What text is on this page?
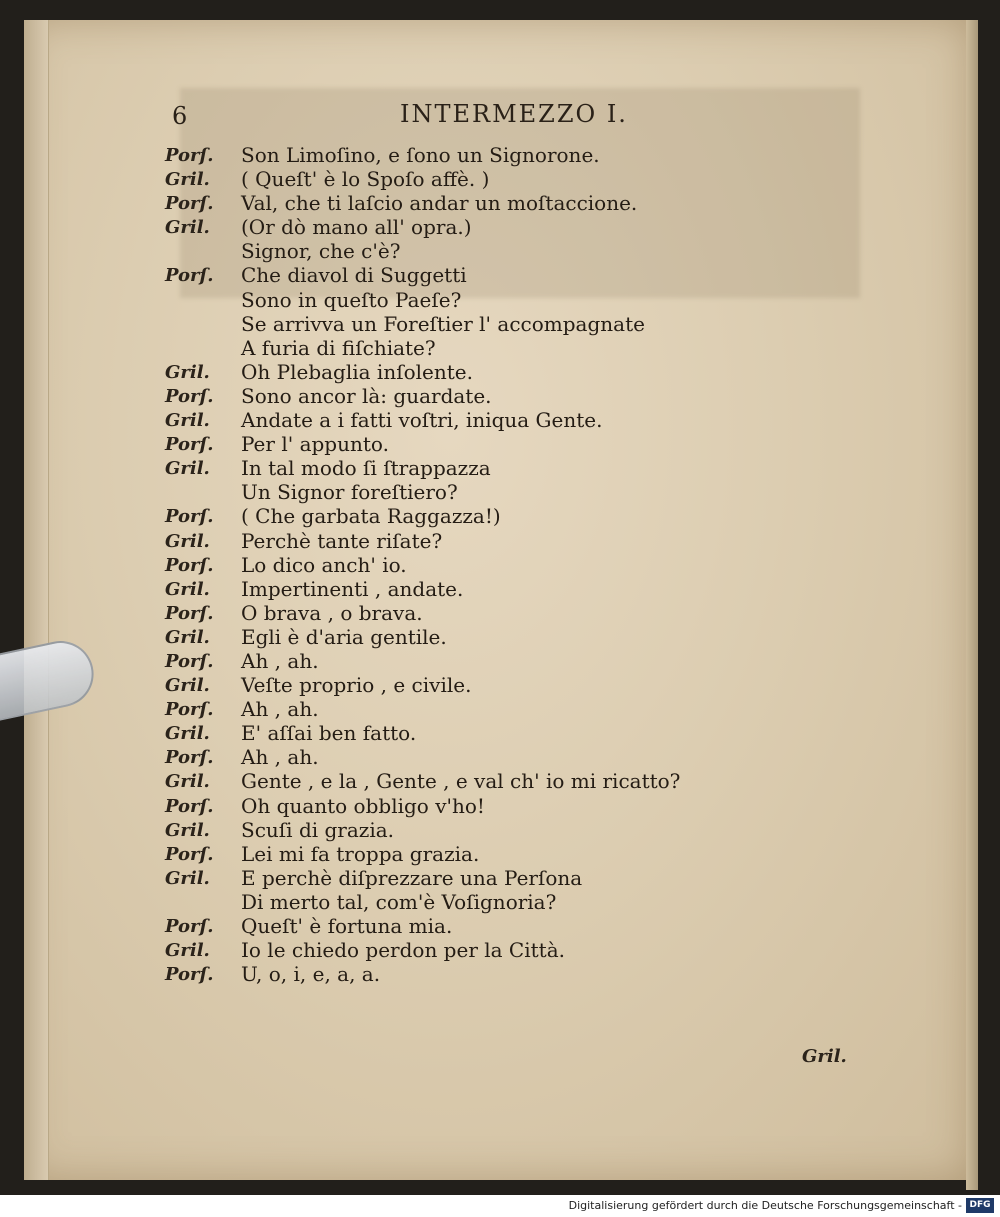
6	INTERMEZZO I.
Porſ.	Son Limoſino, e ſono un Signorone.
Gril.	( Queſt' è lo Spoſo affè. )
Porſ.	Val, che ti laſcio andar un moſtaccione.
Gril.	(Or dò mano all' opra.)
Signor, che c'è?
Porſ.	Che diavol di Suggetti
Sono in queſto Paeſe?
Se arrivva un Foreſtier l' accompagnate
A furia di fiſchiate?
Gril.	Oh Plebaglia inſolente.
Porſ.	Sono ancor là: guardate.
Gril.	Andate a i fatti voſtri, iniqua Gente.
Porſ.	Per l' appunto.
Gril.	In tal modo ſi ſtrappazza
Un Signor foreſtiero?
Porſ.	( Che garbata Raggazza!)
Gril.	Perchè tante riſate?
Porſ.	Lo dico anch' io.
Gril.	Impertinenti , andate.
Porſ.	O brava , o brava.
Gril.	Egli è d'aria gentile.
Porſ.	Ah , ah.
Gril.	Veſte proprio , e civile.
Porſ.	Ah , ah.
Gril.	E' aſſai ben fatto.
Porſ.	Ah , ah.
Gril.	Gente , e la , Gente , e val ch' io mi ricatto?
Porſ.	Oh quanto obbligo v'ho!
Gril.	Scuſi di grazia.
Porſ.	Lei mi fa troppa grazia.
Gril.	E perchè diſprezzare una Perſona
Di merto tal, com'è Voſignoria?
Porſ.	Queſt' è fortuna mia.
Gril.	Io le chiedo perdon per la Città.
Porſ.	U, o, i, e, a, a.
Gril.
Digitalisierung gefördert durch die Deutsche Forschungsgemeinschaft - DFG
